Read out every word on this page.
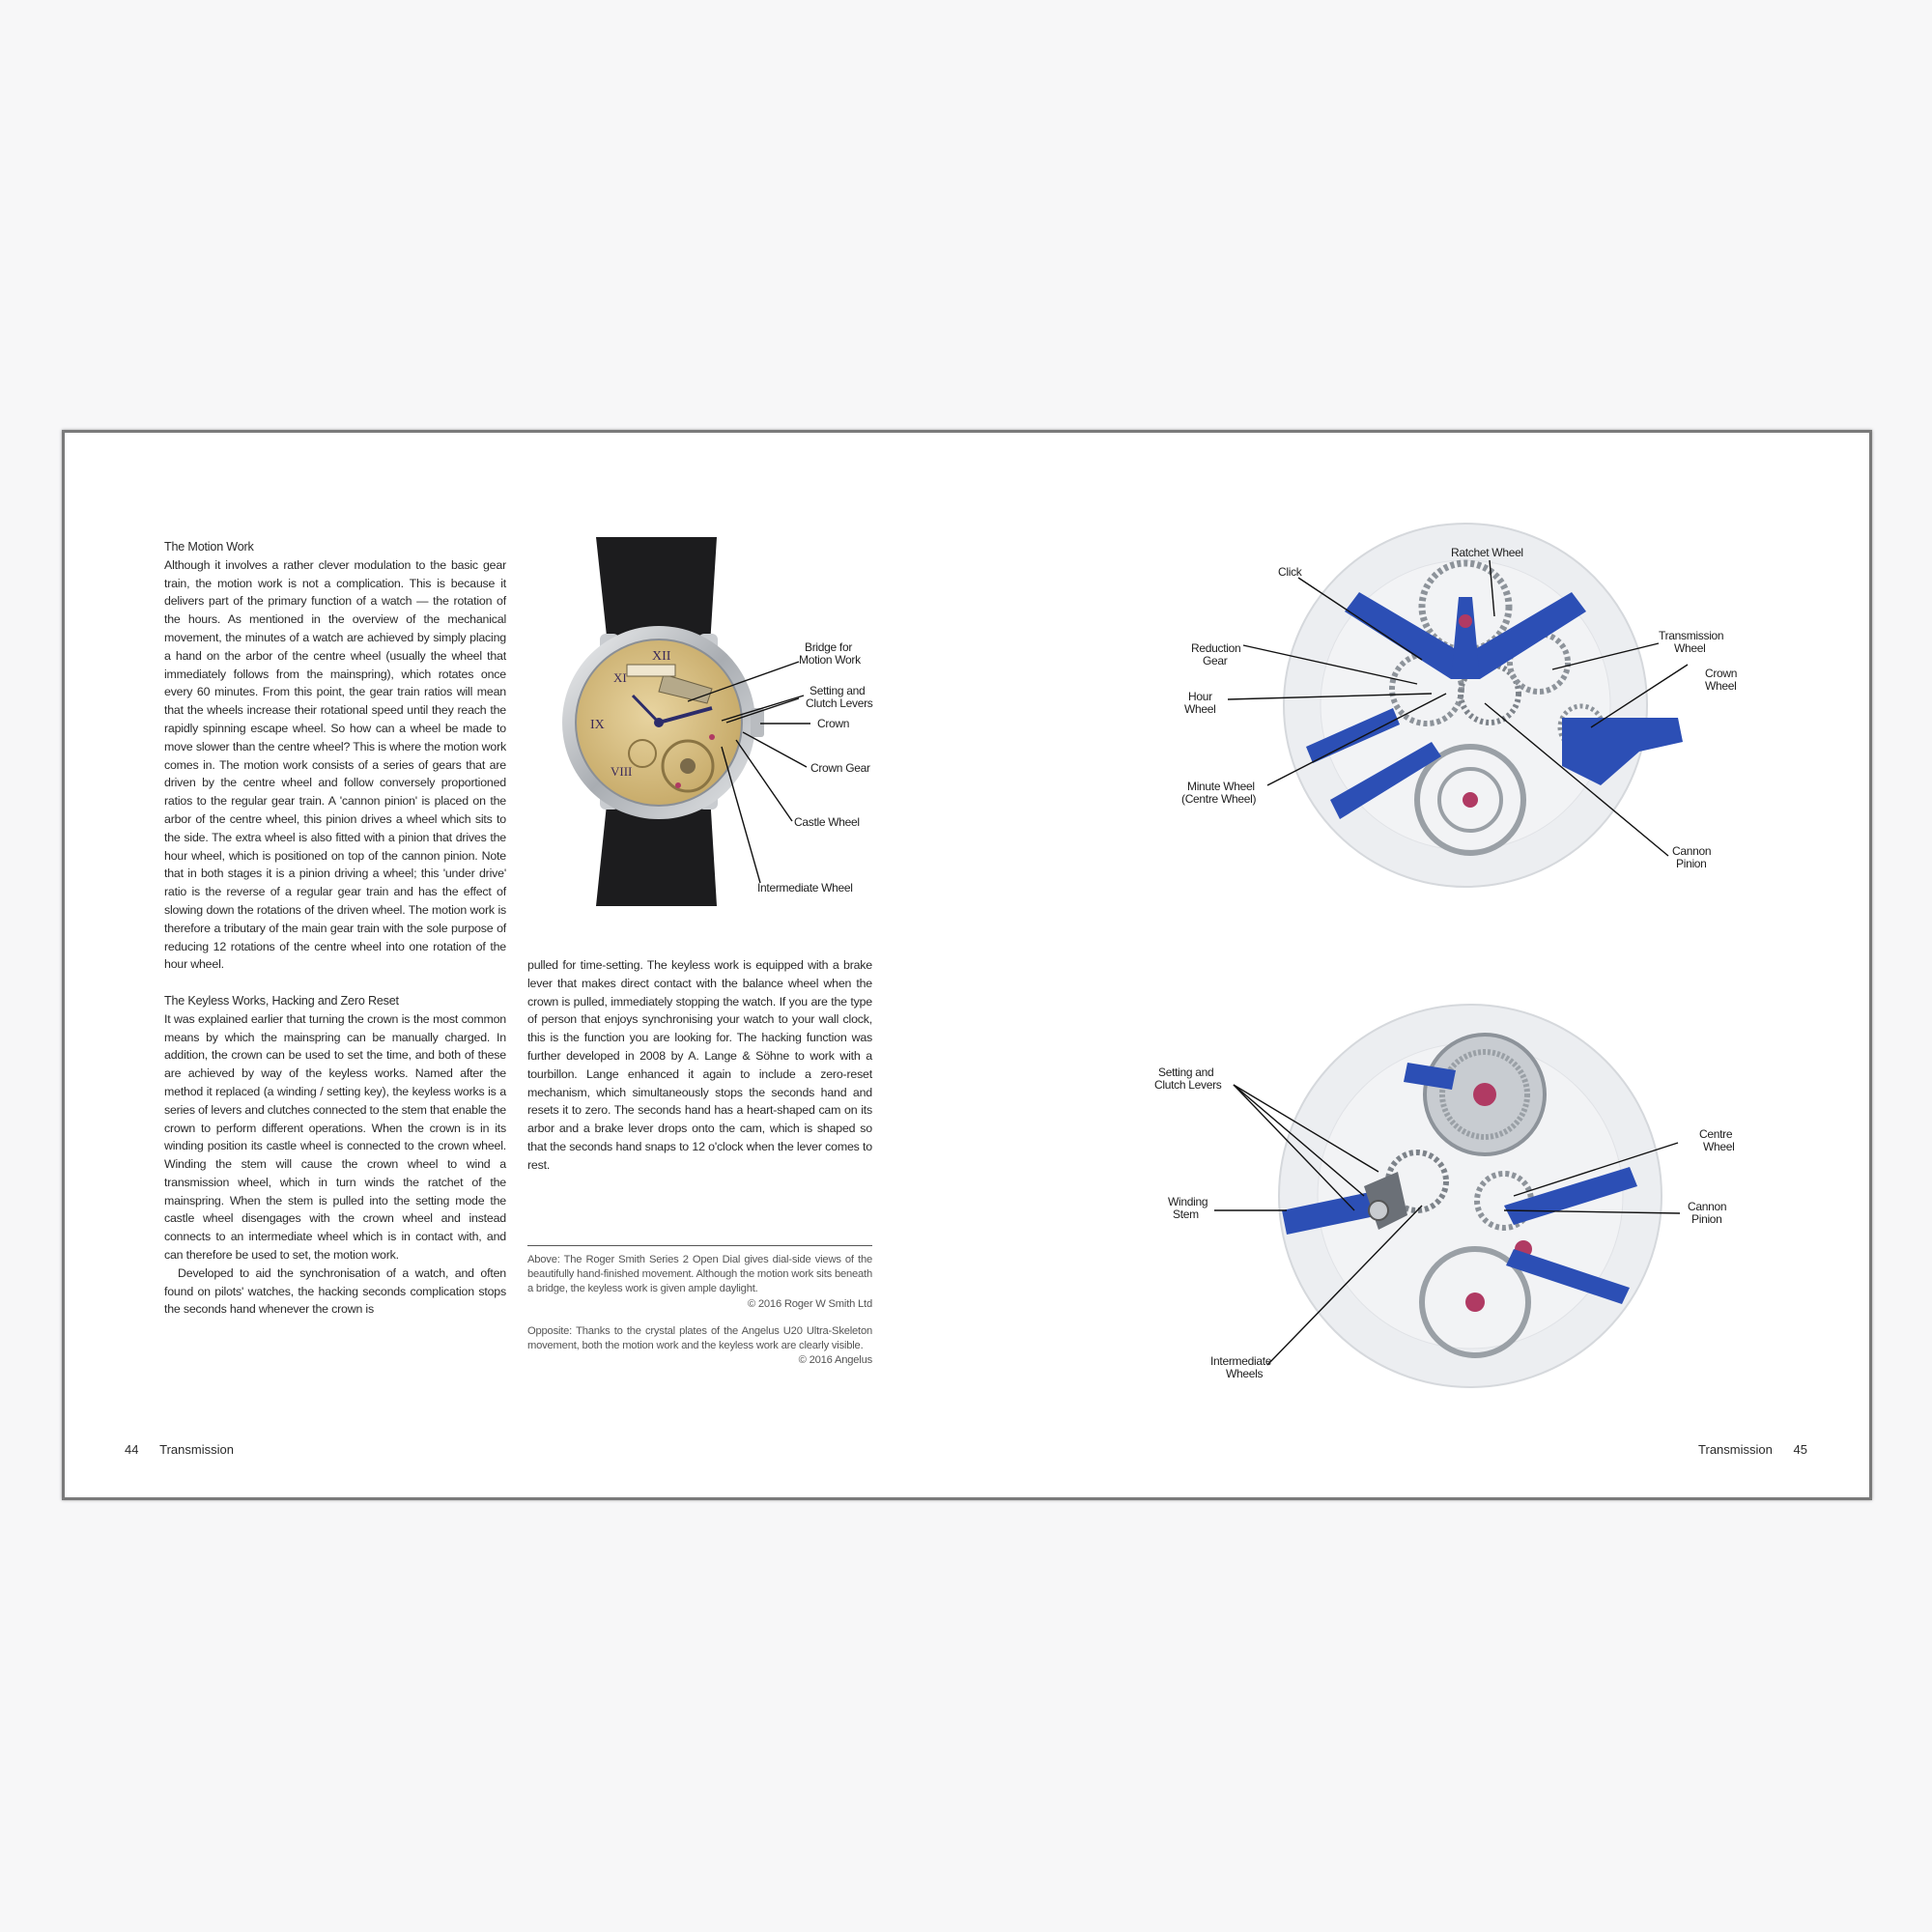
The Motion Work

Although it involves a rather clever modulation to the basic gear train, the motion work is not a complication. This is because it delivers part of the primary function of a watch — the rotation of the hours. As mentioned in the overview of the mechanical movement, the minutes of a watch are achieved by simply placing a hand on the arbor of the centre wheel (usually the wheel that immediately follows from the mainspring), which rotates once every 60 minutes. From this point, the gear train ratios will mean that the wheels increase their rotational speed until they reach the rapidly spinning escape wheel. So how can a wheel be made to move slower than the centre wheel? This is where the motion work comes in. The motion work consists of a series of gears that are driven by the centre wheel and follow conversely proportioned ratios to the regular gear train. A 'cannon pinion' is placed on the arbor of the centre wheel, this pinion drives a wheel which sits to the side. The extra wheel is also fitted with a pinion that drives the hour wheel, which is positioned on top of the cannon pinion. Note that in both stages it is a pinion driving a wheel; this 'under drive' ratio is the reverse of a regular gear train and has the effect of slowing down the rotations of the driven wheel. The motion work is therefore a tributary of the main gear train with the sole purpose of reducing 12 rotations of the centre wheel into one rotation of the hour wheel.

The Keyless Works, Hacking and Zero Reset

It was explained earlier that turning the crown is the most common means by which the mainspring can be manually charged. In addition, the crown can be used to set the time, and both of these are achieved by way of the keyless works. Named after the method it replaced (a winding / setting key), the keyless works is a series of levers and clutches connected to the stem that enable the crown to perform different operations. When the crown is in its winding position its castle wheel is connected to the crown wheel. Winding the stem will cause the crown wheel to wind a transmission wheel, which in turn winds the ratchet of the mainspring. When the stem is pulled into the setting mode the castle wheel disengages with the crown wheel and instead connects to an intermediate wheel which is in contact with, and can therefore be used to set, the motion work.

Developed to aid the synchronisation of a watch, and often found on pilots' watches, the hacking seconds complication stops the seconds hand whenever the crown is

pulled for time-setting. The keyless work is equipped with a brake lever that makes direct contact with the balance wheel when the crown is pulled, immediately stopping the watch. If you are the type of person that enjoys synchronising your watch to your wall clock, this is the function you are looking for. The hacking function was further developed in 2008 by A. Lange & Söhne to work with a tourbillon. Lange enhanced it again to include a zero-reset mechanism, which simultaneously stops the seconds hand and resets it to zero. The seconds hand has a heart-shaped cam on its arbor and a brake lever drops onto the cam, which is shaped so that the seconds hand snaps to 12 o'clock when the lever comes to rest.

Above: The Roger Smith Series 2 Open Dial gives dial-side views of the beautifully hand-finished movement. Although the motion work sits beneath a bridge, the keyless work is given ample daylight.
© 2016 Roger W Smith Ltd
Opposite: Thanks to the crystal plates of the Angelus U20 Ultra-Skeleton movement, both the motion work and the keyless work are clearly visible.
© 2016 Angelus
XII
IX
XI
VIII
Bridge for
Motion Work
Setting and
Clutch Levers
Crown
Crown Gear
Castle Wheel
Intermediate Wheel
Ratchet Wheel
Click
Transmission
Wheel
Reduction
Gear
Crown
Wheel
Hour
Wheel
Minute Wheel
(Centre Wheel)
Cannon
Pinion
Setting and
Clutch Levers
Centre
Wheel
Winding
Stem
Cannon
Pinion
Intermediate
Wheels
44 Transmission	Transmission 45
